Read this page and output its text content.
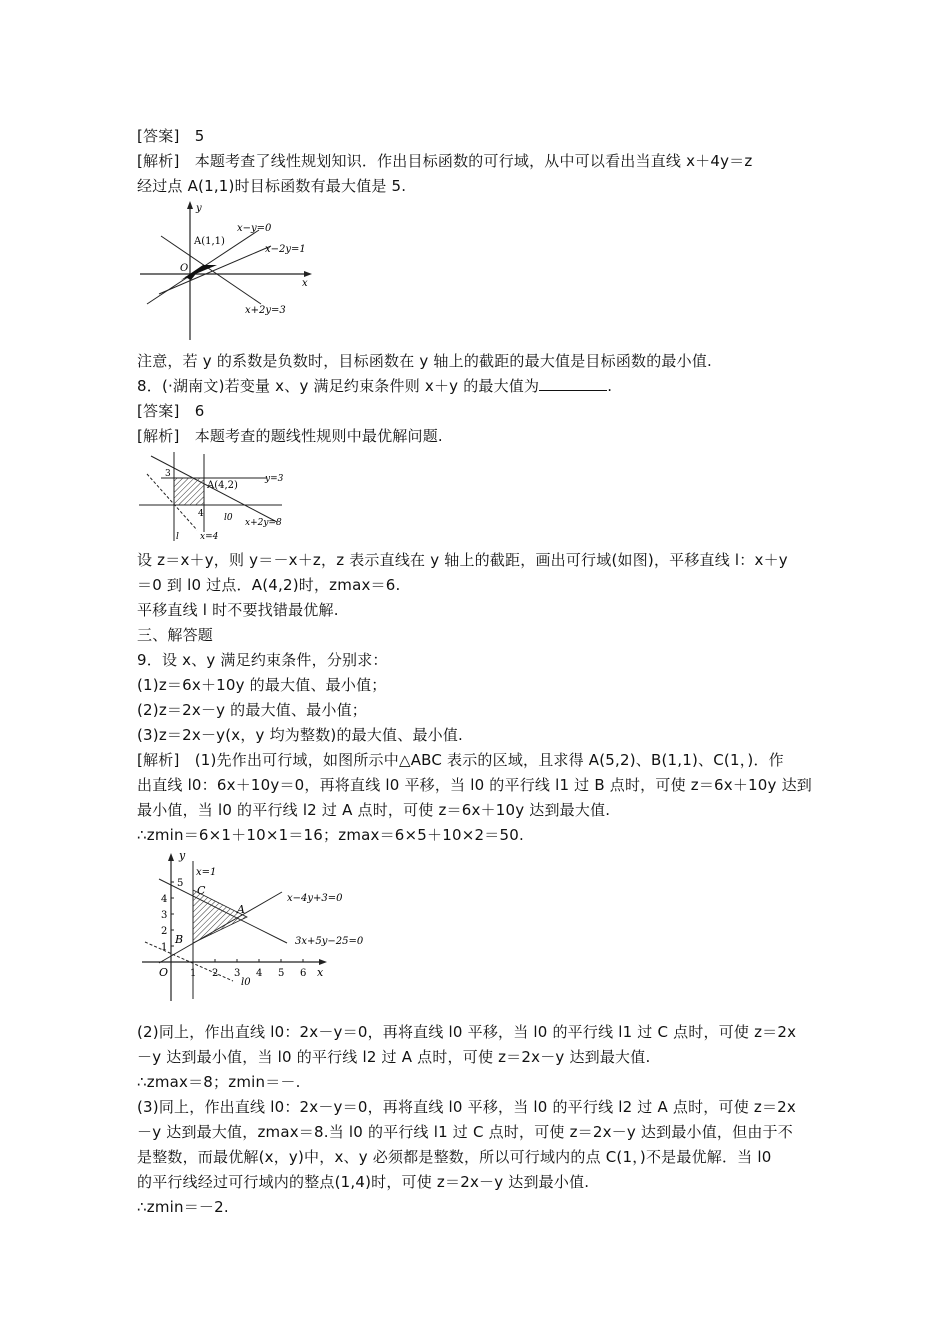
[答案]　5
[解析]　本题考查了线性规划知识．作出目标函数的可行域，从中可以看出当直线 x＋4y＝z
经过点 A(1,1)时目标函数有最大值是 5.
y
x
O
A(1,1)
x−y=0
x−2y=1
x+2y=3
注意，若 y 的系数是负数时，目标函数在 y 轴上的截距的最大值是目标函数的最小值.
8．(·湖南文)若变量 x、y 满足约束条件则 x＋y 的最大值为	.
[答案]　6
[解析]　本题考查的题线性规则中最优解问题.
3
4
A(4,2)
y=3
l0
l x=4
x+2y=8
设 z＝x＋y，则 y＝－x＋z，z 表示直线在 y 轴上的截距，画出可行域(如图)，平移直线 l：x＋y
＝0 到 l0 过点．A(4,2)时，zmax＝6.
平移直线 l 时不要找错最优解.
三、解答题
9．设 x、y 满足约束条件，分别求：
(1)z＝6x＋10y 的最大值、最小值；
(2)z＝2x－y 的最大值、最小值；
(3)z＝2x－y(x，y 均为整数)的最大值、最小值.
[解析]　(1)先作出可行域，如图所示中△ABC 表示的区域，且求得 A(5,2)、B(1,1)、C(1，)．作
出直线 l0：6x＋10y＝0，再将直线 l0 平移，当 l0 的平行线 l1 过 B 点时，可使 z＝6x＋10y 达到
最小值，当 l0 的平行线 l2 过 A 点时，可使 z＝6x＋10y 达到最大值.
∴zmin＝6×1＋10×1＝16；zmax＝6×5＋10×2＝50.
y
x
O
x=1
C
A
B
x−4y+3=0
3x+5y−25=0
l0
1 2 3 4 5 6
1
2
3
4
5
(2)同上，作出直线 l0：2x－y＝0，再将直线 l0 平移，当 l0 的平行线 l1 过 C 点时，可使 z＝2x
－y 达到最小值，当 l0 的平行线 l2 过 A 点时，可使 z＝2x－y 达到最大值.
∴zmax＝8；zmin＝－.
(3)同上，作出直线 l0：2x－y＝0，再将直线 l0 平移，当 l0 的平行线 l2 过 A 点时，可使 z＝2x
－y 达到最大值，zmax＝8.当 l0 的平行线 l1 过 C 点时，可使 z＝2x－y 达到最小值，但由于不
是整数，而最优解(x，y)中，x、y 必须都是整数，所以可行域内的点 C(1，)不是最优解．当 l0
的平行线经过可行域内的整点(1,4)时，可使 z＝2x－y 达到最小值.
∴zmin＝－2.
